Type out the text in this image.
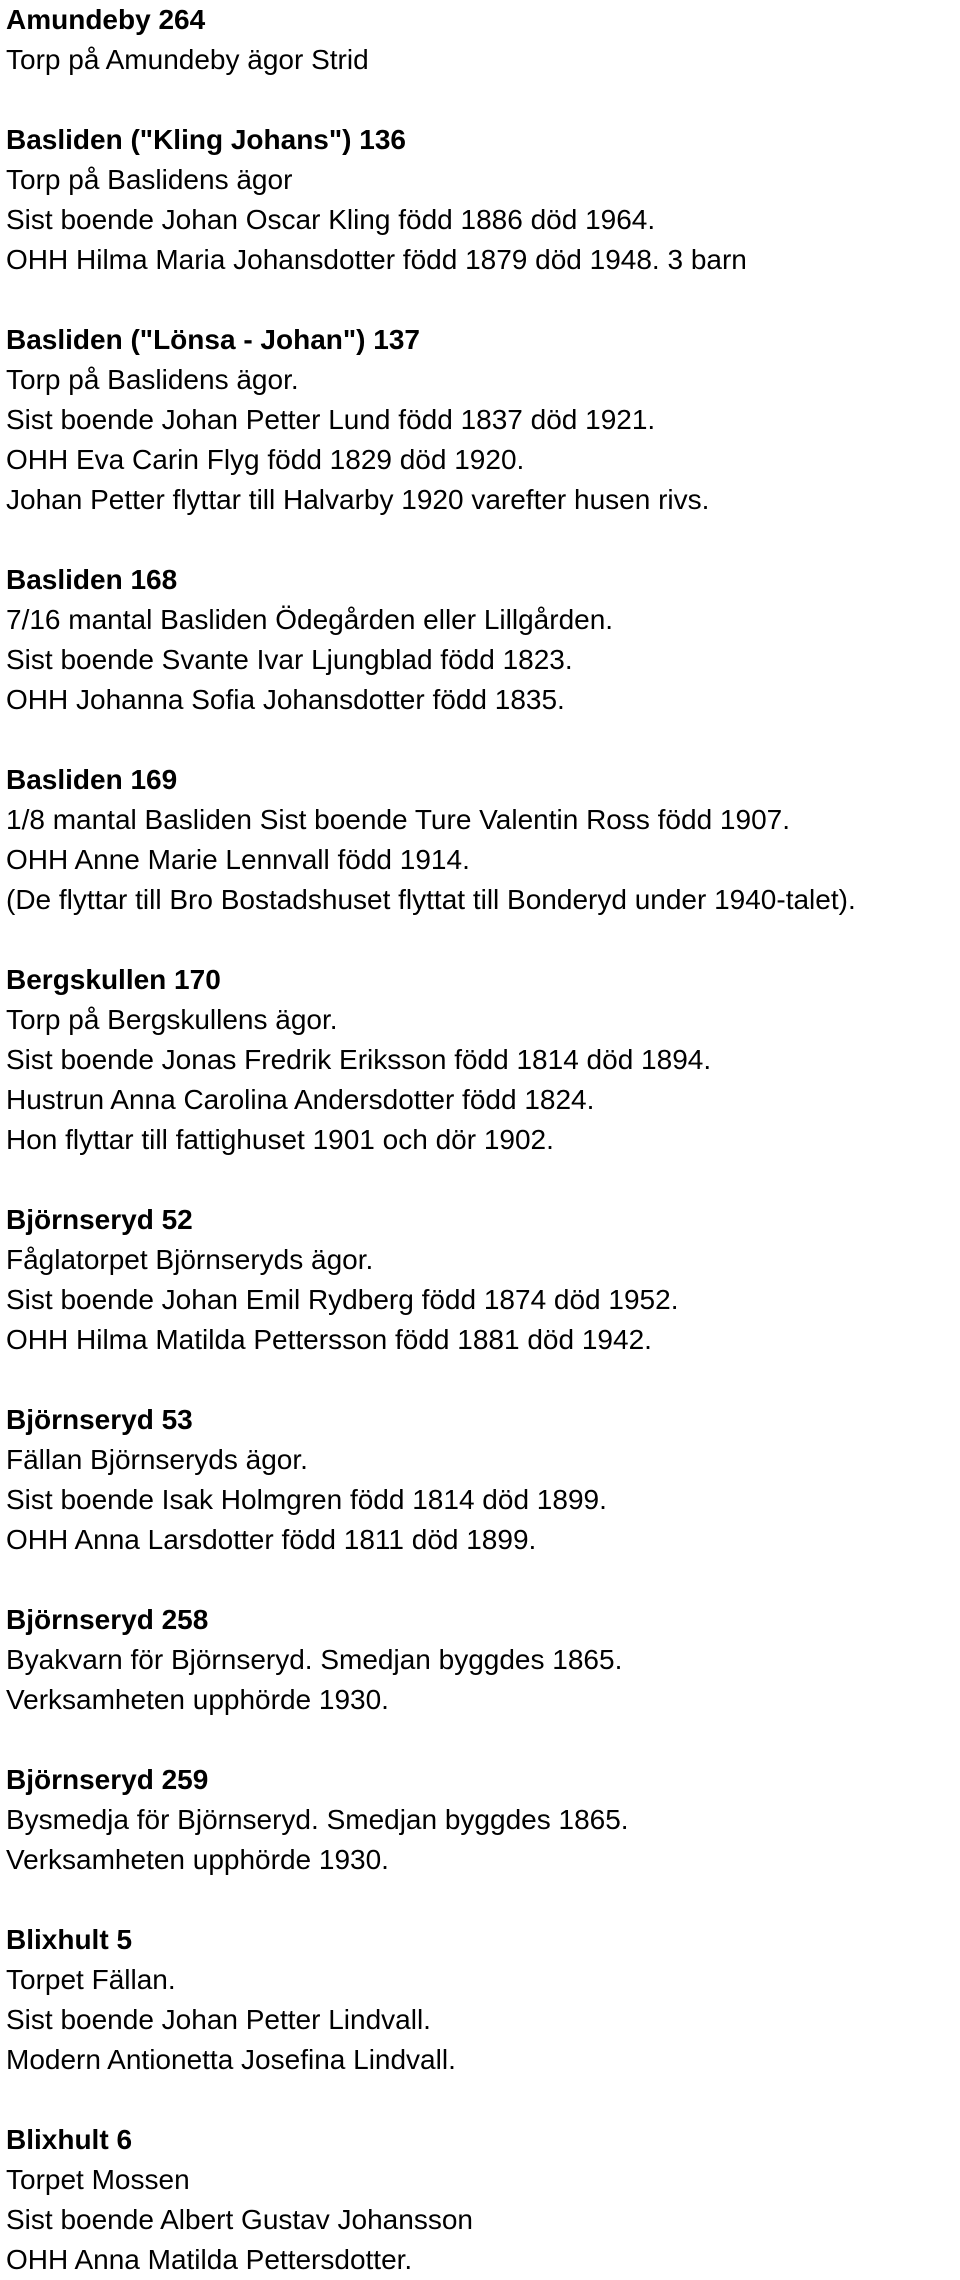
Amundeby 264
Torp på Amundeby ägor Strid
Basliden ("Kling Johans") 136
Torp på Baslidens ägor
Sist boende Johan Oscar Kling född 1886 död 1964.
OHH Hilma Maria Johansdotter född 1879 död 1948. 3 barn
Basliden ("Lönsa - Johan") 137
Torp på Baslidens ägor.
Sist boende Johan Petter Lund född 1837 död 1921.
OHH Eva Carin Flyg född 1829 död 1920.
Johan Petter flyttar till Halvarby 1920 varefter husen rivs.
Basliden 168
7/16 mantal Basliden Ödegården eller Lillgården.
Sist boende Svante Ivar Ljungblad född 1823.
OHH Johanna Sofia Johansdotter född 1835.
Basliden 169
1/8 mantal Basliden Sist boende Ture Valentin Ross född 1907.
OHH Anne Marie Lennvall född 1914.
(De flyttar till Bro Bostadshuset flyttat till Bonderyd under 1940-talet).
Bergskullen 170
Torp på Bergskullens ägor.
Sist boende Jonas Fredrik Eriksson född 1814 död 1894.
Hustrun Anna Carolina Andersdotter född 1824.
Hon flyttar till fattighuset 1901 och dör 1902.
Björnseryd 52
Fåglatorpet Björnseryds ägor.
Sist boende Johan Emil Rydberg född 1874 död 1952.
OHH Hilma Matilda Pettersson född 1881 död 1942.
Björnseryd 53
Fällan Björnseryds ägor.
Sist boende Isak Holmgren född 1814 död 1899.
OHH Anna Larsdotter född 1811 död 1899.
Björnseryd 258
Byakvarn för Björnseryd. Smedjan byggdes 1865.
Verksamheten upphörde 1930.
Björnseryd 259
Bysmedja för Björnseryd. Smedjan byggdes 1865.
Verksamheten upphörde 1930.
Blixhult 5
Torpet Fällan.
Sist boende Johan Petter Lindvall.
Modern Antionetta Josefina Lindvall.
Blixhult 6
Torpet Mossen
Sist boende Albert Gustav Johansson
OHH Anna Matilda Pettersdotter.
